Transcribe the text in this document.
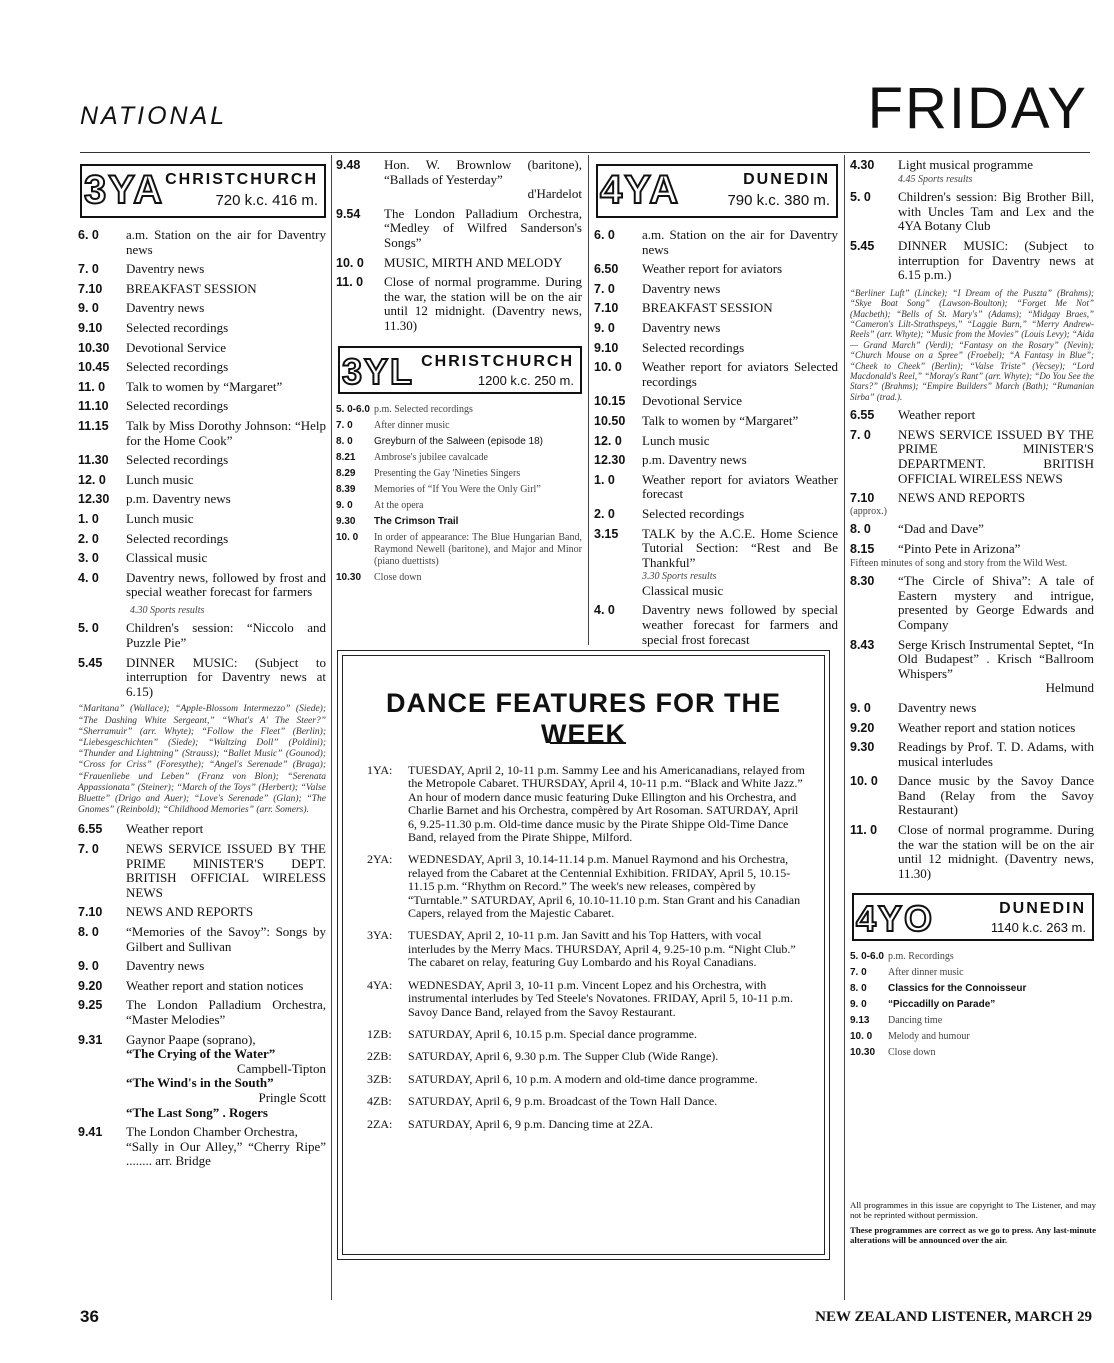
NATIONAL	FRIDAY
3YA CHRISTCHURCH
720 k.c. 416 m.
6. 0	a.m. Station on the air for Daventry news
7. 0	Daventry news
7.10	BREAKFAST SESSION
9. 0	Daventry news
9.10	Selected recordings
10.30	Devotional Service
10.45	Selected recordings
11. 0	Talk to women by “Margaret”
11.10	Selected recordings
11.15	Talk by Miss Dorothy Johnson: “Help for the Home Cook”
11.30	Selected recordings
12. 0	Lunch music
12.30	p.m. Daventry news
1. 0	Lunch music
2. 0	Selected recordings
3. 0	Classical music
4. 0	Daventry news, followed by frost and special weather forecast for farmers
4.30 Sports results
5. 0	Children's session: “Niccolo and Puzzle Pie”
5.45	DINNER MUSIC: (Subject to interruption for Daventry news at 6.15)
“Maritana” (Wallace); “Apple-Blossom Intermezzo” (Siede); “The Dashing White Sergeant,” “What's A' The Steer?” “Sherramuir” (arr. Whyte); “Follow the Fleet” (Berlin); “Liebesgeschichten” (Siede); “Waltzing Doll” (Poldini); “Thunder and Lightning” (Strauss); “Ballet Music” (Gounod); “Cross for Criss” (Foresythe); “Angel's Serenade” (Braga); “Frauenliebe und Leben” (Franz von Blon); “Serenata Appassionata” (Steiner); “March of the Toys” (Herbert); “Valse Bluette” (Drigo and Auer); “Love's Serenade” (Glan); “The Gnomes” (Reinbold); “Childhood Memories” (arr. Somers).
6.55	Weather report
7. 0	NEWS SERVICE ISSUED BY THE PRIME MINISTER'S DEPT. BRITISH OFFICIAL WIRELESS NEWS
7.10	NEWS AND REPORTS
8. 0	“Memories of the Savoy”: Songs by Gilbert and Sullivan
9. 0	Daventry news
9.20	Weather report and station notices
9.25	The London Palladium Orchestra, “Master Melodies”
9.31	Gaynor Paape (soprano),
“The Crying of the Water”
Campbell-Tipton
“The Wind's in the South”
Pringle Scott
“The Last Song” . Rogers
9.41	The London Chamber Orchestra,
“Sally in Our Alley,” “Cherry Ripe” ........ arr. Bridge
9.48	Hon. W. Brownlow (baritone), “Ballads of Yesterday”
d'Hardelot
9.54	The London Palladium Orchestra, “Medley of Wilfred Sanderson's Songs”
10. 0	MUSIC, MIRTH AND MELODY
11. 0	Close of normal programme. During the war, the station will be on the air until 12 midnight. (Daventry news, 11.30)
3YL CHRISTCHURCH
1200 k.c. 250 m.
5. 0-6.0 p.m. Selected recordings
7. 0	After dinner music
8. 0	Greyburn of the Salween (episode 18)
8.21	Ambrose's jubilee cavalcade
8.29	Presenting the Gay 'Nineties Singers
8.39	Memories of “If You Were the Only Girl”
9. 0	At the opera
9.30	The Crimson Trail
10. 0	In order of appearance: The Blue Hungarian Band, Raymond Newell (baritone), and Major and Minor (piano duettists)
10.30	Close down
4YA	DUNEDIN
790 k.c. 380 m.
6. 0	a.m. Station on the air for Daventry news
6.50	Weather report for aviators
7. 0	Daventry news
7.10	BREAKFAST SESSION
9. 0	Daventry news
9.10	Selected recordings
10. 0	Weather report for aviators Selected recordings
10.15	Devotional Service
10.50	Talk to women by “Margaret”
12. 0	Lunch music
12.30	p.m. Daventry news
1. 0	Weather report for aviators Weather forecast
2. 0	Selected recordings
3.15	TALK by the A.C.E. Home Science Tutorial Section: “Rest and Be Thankful”
3.30 Sports results
Classical music
4. 0	Daventry news followed by special weather forecast for farmers and special frost forecast
4.30	Light musical programme
4.45 Sports results
5. 0	Children's session: Big Brother Bill, with Uncles Tam and Lex and the 4YA Botany Club
5.45	DINNER MUSIC: (Subject to interruption for Daventry news at 6.15 p.m.)
“Berliner Luft” (Lincke); “I Dream of the Puszta” (Brahms); “Skye Boat Song” (Lawson-Boulton); “Forget Me Not” (Macbeth); “Bells of St. Mary's” (Adams); “Midgay Braes,” “Cameron's Lilt-Strathspeys,” “Laggie Burn,” “Merry Andrew-Reels” (arr. Whyte); “Music from the Movies” (Louis Levy); “Aida — Grand March” (Verdi); “Fantasy on the Rosary” (Nevin); “Church Mouse on a Spree” (Froebel); “A Fantasy in Blue”; “Cheek to Cheek” (Berlin); “Valse Triste” (Vecsey); “Lord Macdonald's Reel,” “Moray's Rant” (arr. Whyte); “Do You See the Stars?” (Brahms); “Empire Builders” March (Bath); “Rumanian Sirba” (trad.).
6.55	Weather report
7. 0	NEWS SERVICE ISSUED BY THE PRIME MINISTER'S DEPARTMENT. BRITISH OFFICIAL WIRELESS NEWS
7.10	NEWS AND REPORTS
(approx.)
8. 0	“Dad and Dave”
8.15	“Pinto Pete in Arizona”
Fifteen minutes of song and story from the Wild West.
8.30	“The Circle of Shiva”: A tale of Eastern mystery and intrigue, presented by George Edwards and Company
8.43	Serge Krisch Instrumental Septet, “In Old Budapest” . Krisch “Ballroom Whispers”
Helmund
9. 0	Daventry news
9.20	Weather report and station notices
9.30	Readings by Prof. T. D. Adams, with musical interludes
10. 0	Dance music by the Savoy Dance Band (Relay from the Savoy Restaurant)
11. 0	Close of normal programme. During the war the station will be on the air until 12 midnight. (Daventry news, 11.30)
4YO	DUNEDIN
1140 k.c. 263 m.
5. 0-6.0 p.m. Recordings
7. 0	After dinner music
8. 0	Classics for the Connoisseur
9. 0	“Piccadilly on Parade”
9.13	Dancing time
10. 0	Melody and humour
10.30	Close down
DANCE FEATURES FOR THE WEEK
1YA:	TUESDAY, April 2, 10-11 p.m. Sammy Lee and his Americanadians, relayed from the Metropole Cabaret. THURSDAY, April 4, 10-11 p.m. “Black and White Jazz.” An hour of modern dance music featuring Duke Ellington and his Orchestra, and Charlie Barnet and his Orchestra, compèred by Art Rosoman. SATURDAY, April 6, 9.25-11.30 p.m. Old-time dance music by the Pirate Shippe Old-Time Dance Band, relayed from the Pirate Shippe, Milford.
2YA:	WEDNESDAY, April 3, 10.14-11.14 p.m. Manuel Raymond and his Orchestra, relayed from the Cabaret at the Centennial Exhibition. FRIDAY, April 5, 10.15-11.15 p.m. “Rhythm on Record.” The week's new releases, compèred by “Turntable.” SATURDAY, April 6, 10.10-11.10 p.m. Stan Grant and his Canadian Capers, relayed from the Majestic Cabaret.
3YA:	TUESDAY, April 2, 10-11 p.m. Jan Savitt and his Top Hatters, with vocal interludes by the Merry Macs. THURSDAY, April 4, 9.25-10 p.m. “Night Club.” The cabaret on relay, featuring Guy Lombardo and his Royal Canadians.
4YA:	WEDNESDAY, April 3, 10-11 p.m. Vincent Lopez and his Orchestra, with instrumental interludes by Ted Steele's Novatones. FRIDAY, April 5, 10-11 p.m. Savoy Dance Band, relayed from the Savoy Restaurant.
1ZB:	SATURDAY, April 6, 10.15 p.m. Special dance programme.
2ZB:	SATURDAY, April 6, 9.30 p.m. The Supper Club (Wide Range).
3ZB:	SATURDAY, April 6, 10 p.m. A modern and old-time dance programme.
4ZB:	SATURDAY, April 6, 9 p.m. Broadcast of the Town Hall Dance.
2ZA:	SATURDAY, April 6, 9 p.m. Dancing time at 2ZA.

All programmes in this issue are copyright to The Listener, and may not be reprinted without permission.

These programmes are correct as we go to press. Any last-minute alterations will be announced over the air.

36	NEW ZEALAND LISTENER, MARCH 29
